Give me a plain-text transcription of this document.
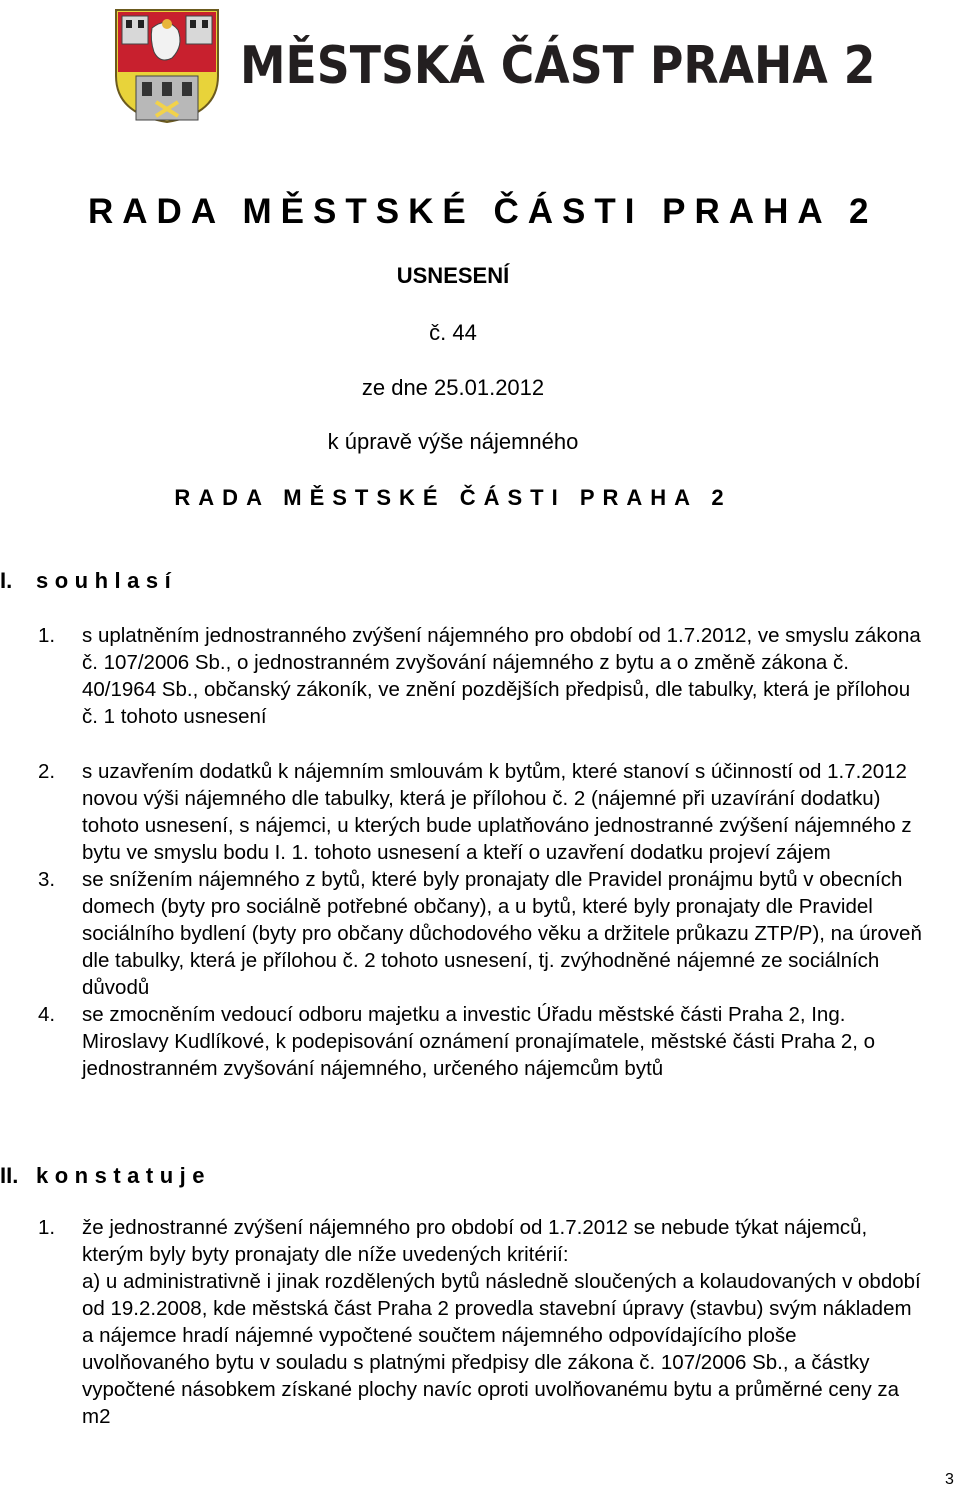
MĚSTSKÁ ČÁST PRAHA 2
RADA MĚSTSKÉ ČÁSTI PRAHA 2
USNESENÍ
č. 44
ze dne 25.01.2012
k úpravě výše nájemného
RADA MĚSTSKÉ ČÁSTI PRAHA 2
I. souhlasí
1. s uplatněním jednostranného zvýšení nájemného pro období od 1.7.2012, ve smyslu zákona č. 107/2006 Sb., o jednostranném zvyšování nájemného z bytu a o změně zákona č. 40/1964 Sb., občanský zákoník, ve znění pozdějších předpisů, dle tabulky, která je přílohou č. 1 tohoto usnesení
2. s uzavřením dodatků k nájemním smlouvám k bytům, které stanoví s účinností od 1.7.2012 novou výši nájemného dle tabulky, která je přílohou č. 2 (nájemné při uzavírání dodatku) tohoto usnesení, s nájemci, u kterých bude uplatňováno jednostranné zvýšení nájemného z bytu ve smyslu bodu I. 1. tohoto usnesení a kteří o uzavření dodatku projeví zájem
3. se snížením nájemného z bytů, které byly pronajaty dle Pravidel pronájmu bytů v obecních domech (byty pro sociálně potřebné občany), a u bytů, které byly pronajaty dle Pravidel sociálního bydlení (byty pro občany důchodového věku a držitele průkazu ZTP/P), na úroveň dle tabulky, která je přílohou č. 2 tohoto usnesení, tj. zvýhodněné nájemné ze sociálních důvodů
4. se zmocněním vedoucí odboru majetku a investic Úřadu městské části Praha 2, Ing. Miroslavy Kudlíkové, k podepisování oznámení pronajímatele, městské části Praha 2, o jednostranném zvyšování nájemného, určeného nájemcům bytů
II. konstatuje
1. že jednostranné zvýšení nájemného pro období od 1.7.2012 se nebude týkat nájemců, kterým byly byty pronajaty dle níže uvedených kritérií:
a) u administrativně i jinak rozdělených bytů následně sloučených a kolaudovaných v období od 19.2.2008, kde městská část Praha 2 provedla stavební úpravy (stavbu) svým nákladem a nájemce hradí nájemné vypočtené součtem nájemného odpovídajícího ploše uvolňovaného bytu v souladu s platnými předpisy dle zákona č. 107/2006 Sb., a částky vypočtené násobkem získané plochy navíc oproti uvolňovanému bytu a průměrné ceny za m2
3
